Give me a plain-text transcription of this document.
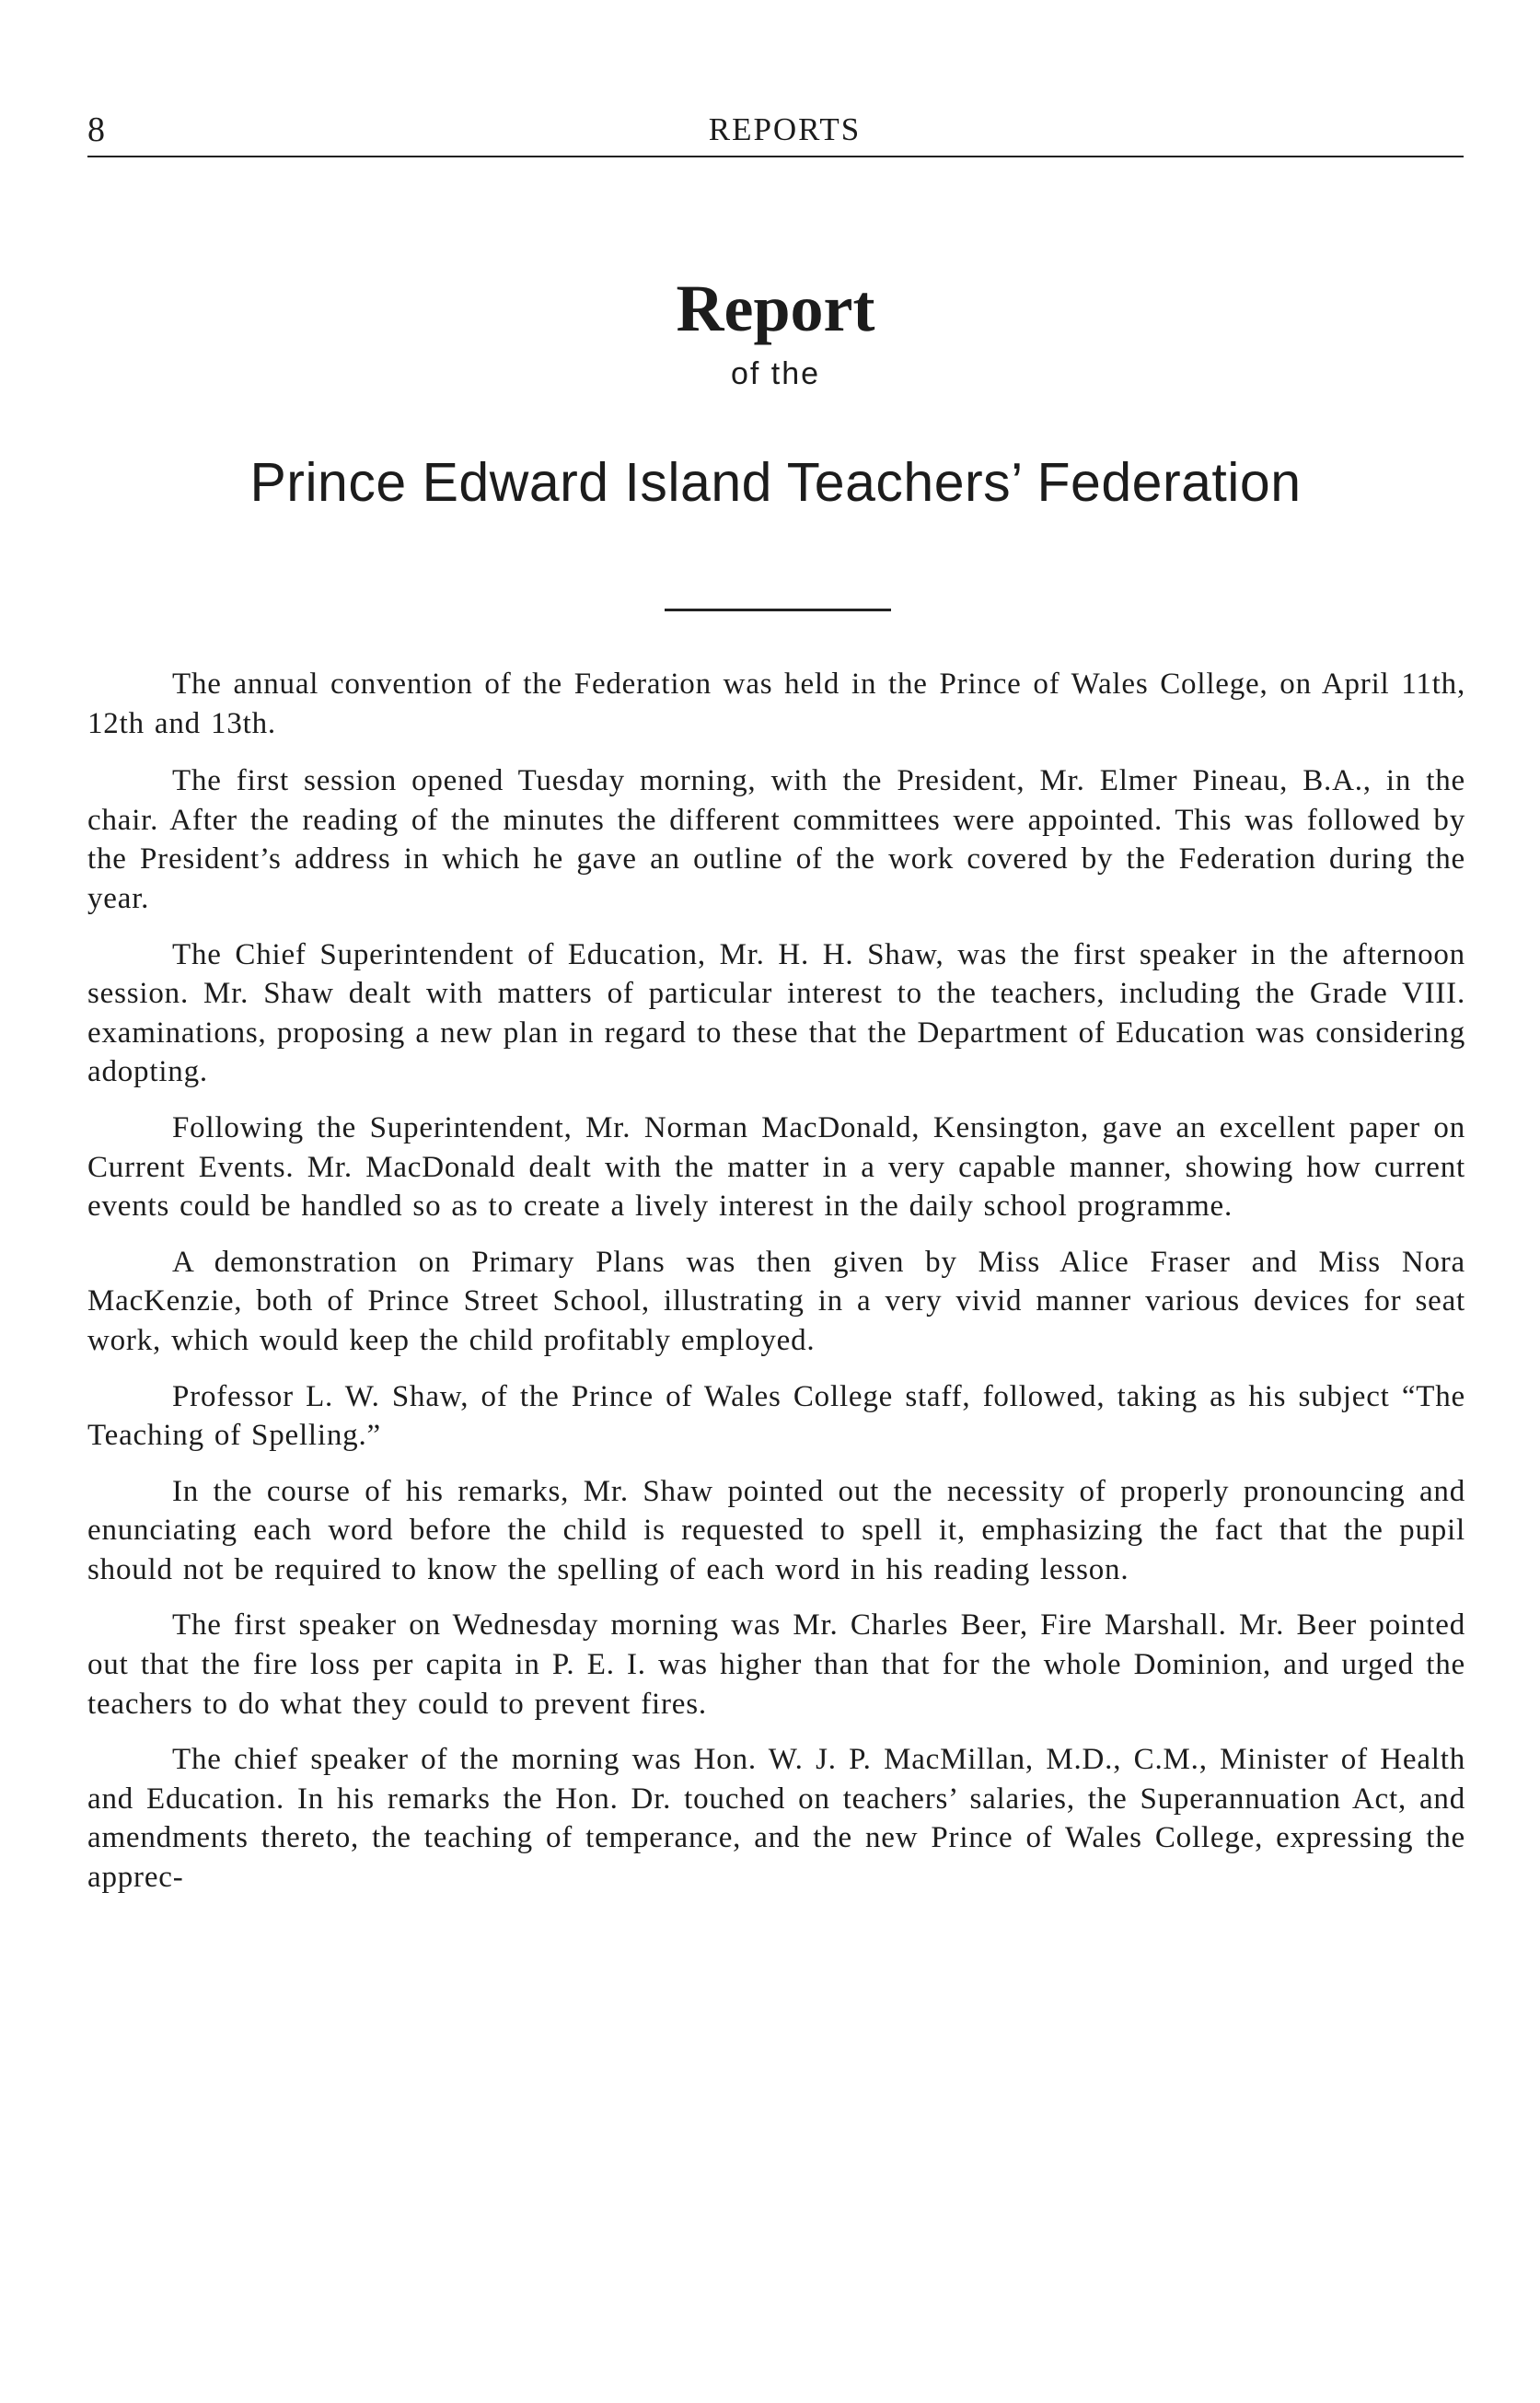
8	REPORTS
Report
of the
Prince Edward Island Teachers’ Federation

The annual convention of the Federation was held in the Prince of Wales College, on April 11th, 12th and 13th.

The first session opened Tuesday morning, with the President, Mr. Elmer Pineau, B.A., in the chair. After the reading of the minutes the different committees were appointed. This was followed by the President’s address in which he gave an outline of the work covered by the Federation during the year.

The Chief Superintendent of Education, Mr. H. H. Shaw, was the first speaker in the afternoon session. Mr. Shaw dealt with matters of particular interest to the teachers, including the Grade VIII. examinations, proposing a new plan in regard to these that the Department of Education was considering adopting.

Following the Superintendent, Mr. Norman MacDonald, Kensington, gave an excellent paper on Current Events. Mr. MacDonald dealt with the matter in a very capable manner, showing how current events could be handled so as to create a lively interest in the daily school programme.

A demonstration on Primary Plans was then given by Miss Alice Fraser and Miss Nora MacKenzie, both of Prince Street School, illustrating in a very vivid manner various devices for seat work, which would keep the child profitably employed.

Professor L. W. Shaw, of the Prince of Wales College staff, followed, taking as his subject “The Teaching of Spelling.”

In the course of his remarks, Mr. Shaw pointed out the necessity of properly pronouncing and enunciating each word before the child is requested to spell it, emphasizing the fact that the pupil should not be required to know the spelling of each word in his reading lesson.

The first speaker on Wednesday morning was Mr. Charles Beer, Fire Marshall. Mr. Beer pointed out that the fire loss per capita in P. E. I. was higher than that for the whole Dominion, and urged the teachers to do what they could to prevent fires.

The chief speaker of the morning was Hon. W. J. P. MacMillan, M.D., C.M., Minister of Health and Education. In his remarks the Hon. Dr. touched on teachers’ salaries, the Superannuation Act, and amendments thereto, the teaching of temperance, and the new Prince of Wales College, expressing the apprec-
